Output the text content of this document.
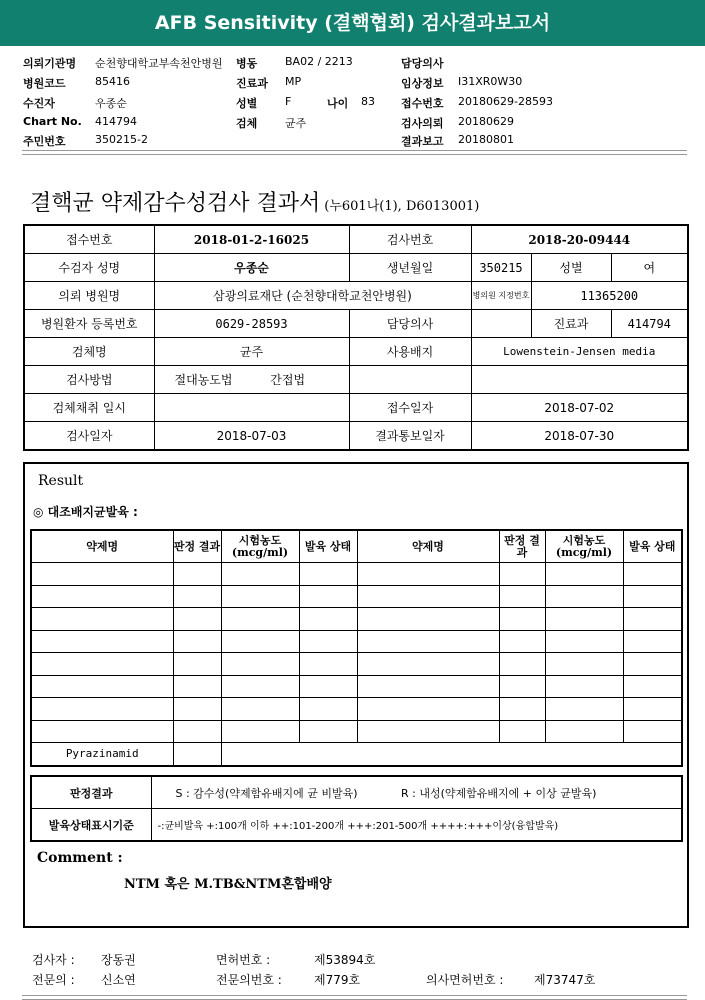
AFB Sensitivity (결핵협회) 검사결과보고서
의뢰기관명 순천향대학교부속천안병원 병동	BA02 / 2213	담당의사
병원코드	85416	진료과 MP	임상정보 I31XR0W30
수진자	우종순	성별	F	나이 83 접수번호 20180629-28593
Chart No. 414794	검체	균주	검사의뢰 20180629
주민번호	350215-2	결과보고 20180801
결핵균 약제감수성검사 결과서 (누601나(1), D6013001)
접수번호	2018-01-2-16025	검사번호	2018-20-09444		
수검자 성명	우종순	생년월일	350215	성별	여
의뢰 병원명	삼광의료재단 (순천향대학교천안병원)		병의원 지정번호	11365200	
병원환자 등록번호	0629-28593	담당의사		진료과	414794
검체명	균주	사용배지	Lowenstein-Jensen media		
검사방법	절대농도법 간접법				
검체채취 일시		접수일자	2018-07-02		
검사일자	2018-07-03	결과통보일자	2018-07-30		
Result
◎ 대조배지균발육 :
약제명	판정 결과	시험농도 (mcg/ml)	발육 상태	약제명	판정 결과	시험농도 (mcg/ml)	발육 상태

Pyrazinamid							
판정결과	S : 감수성(약제함유배지에 균 비발육) R : 내성(약제함유배지에 + 이상 균발육)
발육상태표시기준	-:균비발육 +:100개 이하 ++:101-200개 +++:201-500개 ++++:+++이상(융합발육)
Comment :
NTM 혹은 M.TB&NTM혼합배양
검사자 : 장동권	면허번호 :	제53894호
전문의 : 신소연	전문의번호 :	제779호	의사면허번호 :	제73747호
